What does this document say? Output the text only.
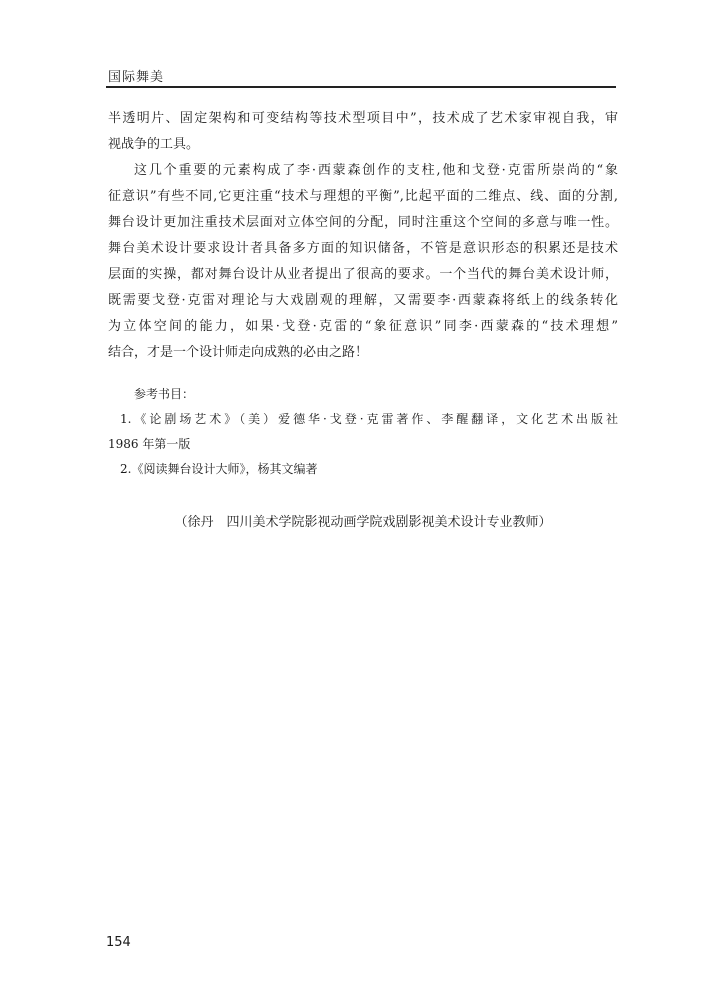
国际舞美
半透明片、固定架构和可变结构等技术型项目中”，技术成了艺术家审视自我，审
视战争的工具。
这几个重要的元素构成了李·西蒙森创作的支柱,他和戈登·克雷所崇尚的“象
征意识”有些不同,它更注重“技术与理想的平衡”,比起平面的二维点、线、面的分割,
舞台设计更加注重技术层面对立体空间的分配，同时注重这个空间的多意与唯一性。
舞台美术设计要求设计者具备多方面的知识储备，不管是意识形态的积累还是技术
层面的实操，都对舞台设计从业者提出了很高的要求。一个当代的舞台美术设计师，
既需要戈登·克雷对理论与大戏剧观的理解，又需要李·西蒙森将纸上的线条转化
为立体空间的能力，如果·戈登·克雷的“象征意识”同李·西蒙森的“技术理想”
结合，才是一个设计师走向成熟的必由之路！
参考书目：
1.《论剧场艺术》（美）爱德华·戈登·克雷著作、李醒翻译，文化艺术出版社
1986 年第一版
2.《阅读舞台设计大师》，杨其文编著
（徐丹　四川美术学院影视动画学院戏剧影视美术设计专业教师）
154
